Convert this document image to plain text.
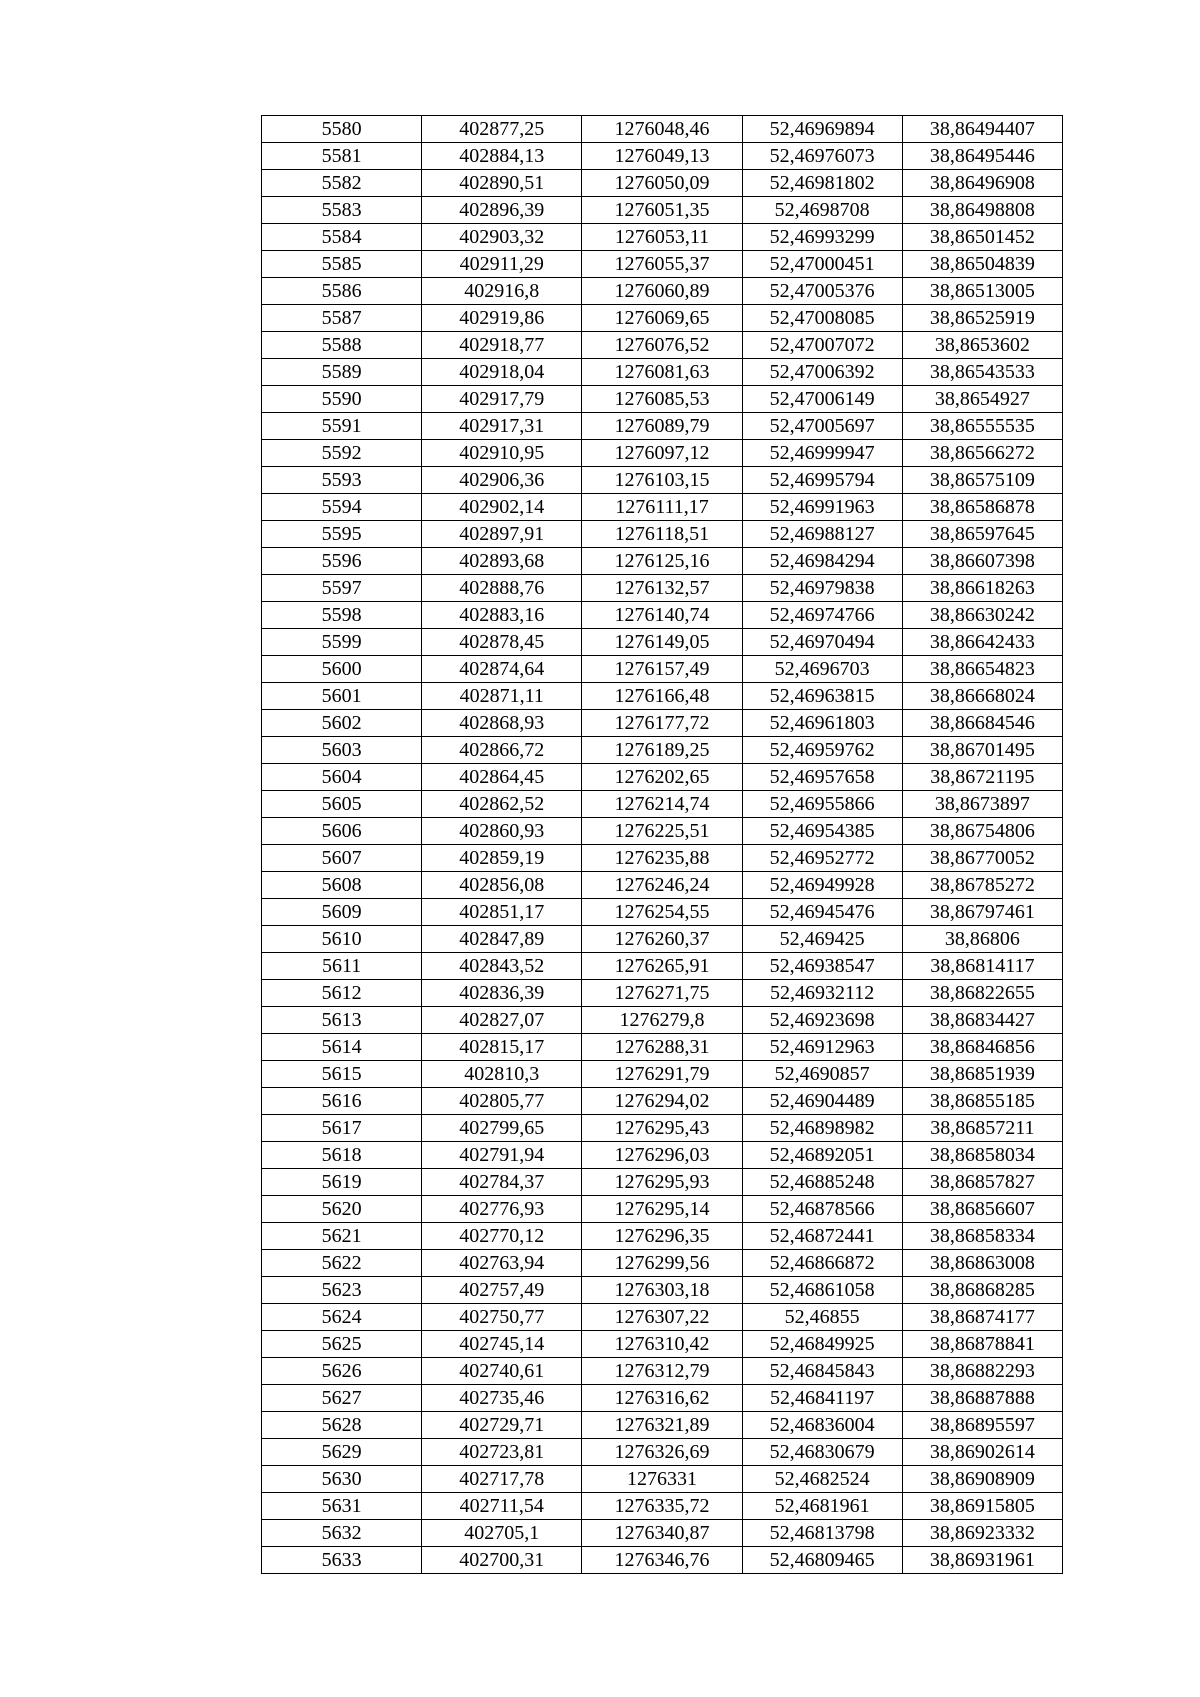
5580	402877,25	1276048,46	52,46969894	38,86494407
5581	402884,13	1276049,13	52,46976073	38,86495446
5582	402890,51	1276050,09	52,46981802	38,86496908
5583	402896,39	1276051,35	52,4698708	38,86498808
5584	402903,32	1276053,11	52,46993299	38,86501452
5585	402911,29	1276055,37	52,47000451	38,86504839
5586	402916,8	1276060,89	52,47005376	38,86513005
5587	402919,86	1276069,65	52,47008085	38,86525919
5588	402918,77	1276076,52	52,47007072	38,8653602
5589	402918,04	1276081,63	52,47006392	38,86543533
5590	402917,79	1276085,53	52,47006149	38,8654927
5591	402917,31	1276089,79	52,47005697	38,86555535
5592	402910,95	1276097,12	52,46999947	38,86566272
5593	402906,36	1276103,15	52,46995794	38,86575109
5594	402902,14	1276111,17	52,46991963	38,86586878
5595	402897,91	1276118,51	52,46988127	38,86597645
5596	402893,68	1276125,16	52,46984294	38,86607398
5597	402888,76	1276132,57	52,46979838	38,86618263
5598	402883,16	1276140,74	52,46974766	38,86630242
5599	402878,45	1276149,05	52,46970494	38,86642433
5600	402874,64	1276157,49	52,4696703	38,86654823
5601	402871,11	1276166,48	52,46963815	38,86668024
5602	402868,93	1276177,72	52,46961803	38,86684546
5603	402866,72	1276189,25	52,46959762	38,86701495
5604	402864,45	1276202,65	52,46957658	38,86721195
5605	402862,52	1276214,74	52,46955866	38,8673897
5606	402860,93	1276225,51	52,46954385	38,86754806
5607	402859,19	1276235,88	52,46952772	38,86770052
5608	402856,08	1276246,24	52,46949928	38,86785272
5609	402851,17	1276254,55	52,46945476	38,86797461
5610	402847,89	1276260,37	52,469425	38,86806
5611	402843,52	1276265,91	52,46938547	38,86814117
5612	402836,39	1276271,75	52,46932112	38,86822655
5613	402827,07	1276279,8	52,46923698	38,86834427
5614	402815,17	1276288,31	52,46912963	38,86846856
5615	402810,3	1276291,79	52,4690857	38,86851939
5616	402805,77	1276294,02	52,46904489	38,86855185
5617	402799,65	1276295,43	52,46898982	38,86857211
5618	402791,94	1276296,03	52,46892051	38,86858034
5619	402784,37	1276295,93	52,46885248	38,86857827
5620	402776,93	1276295,14	52,46878566	38,86856607
5621	402770,12	1276296,35	52,46872441	38,86858334
5622	402763,94	1276299,56	52,46866872	38,86863008
5623	402757,49	1276303,18	52,46861058	38,86868285
5624	402750,77	1276307,22	52,46855	38,86874177
5625	402745,14	1276310,42	52,46849925	38,86878841
5626	402740,61	1276312,79	52,46845843	38,86882293
5627	402735,46	1276316,62	52,46841197	38,86887888
5628	402729,71	1276321,89	52,46836004	38,86895597
5629	402723,81	1276326,69	52,46830679	38,86902614
5630	402717,78	1276331	52,4682524	38,86908909
5631	402711,54	1276335,72	52,4681961	38,86915805
5632	402705,1	1276340,87	52,46813798	38,86923332
5633	402700,31	1276346,76	52,46809465	38,86931961
